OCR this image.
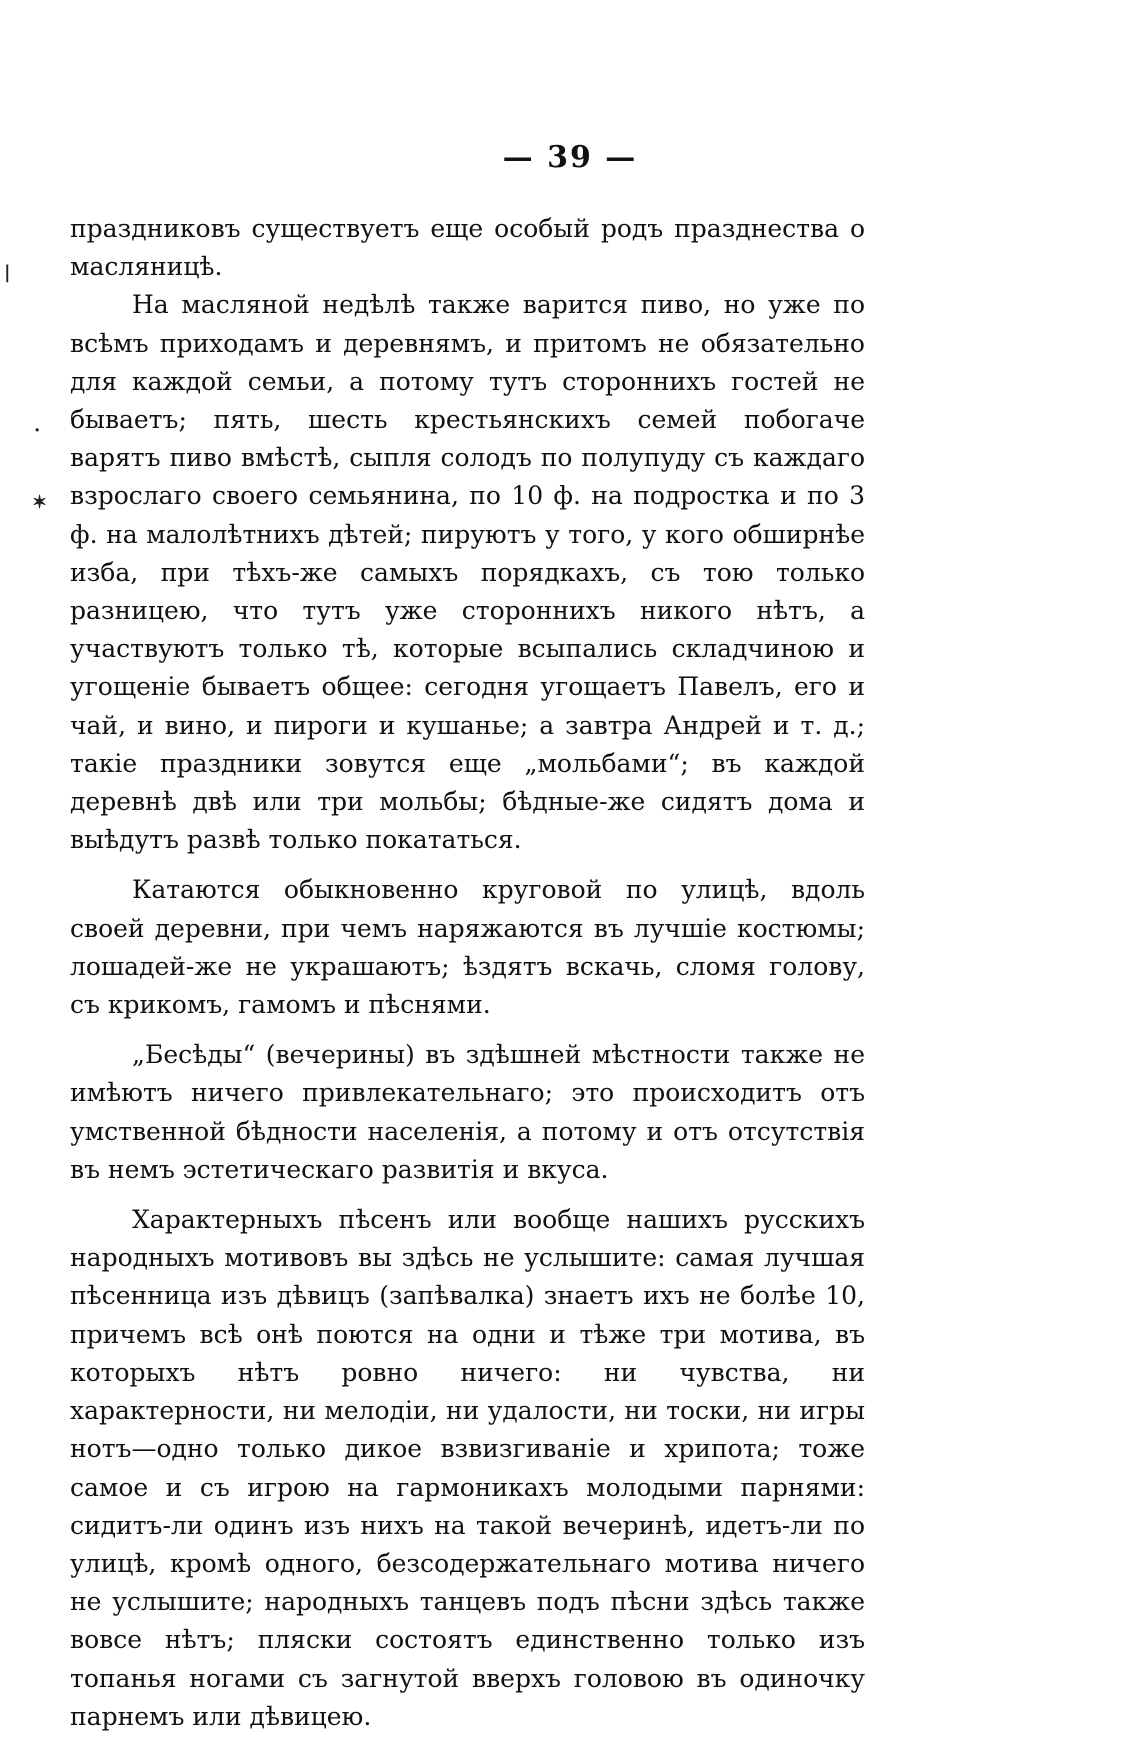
— 39 —
|
·
✶

праздниковъ существуетъ еще особый родъ празднества о масляницѣ.

На масляной недѣлѣ также варится пиво, но уже по всѣмъ приходамъ и деревнямъ, и притомъ не обязательно для каждой семьи, а потому тутъ стороннихъ гостей не бываетъ; пять, шесть крестьянскихъ семей побогаче варятъ пиво вмѣстѣ, сыпля солодъ по полупуду съ каждаго взрослаго своего семьянина, по 10 ф. на подростка и по 3 ф. на малолѣтнихъ дѣтей; пируютъ у того, у кого обширнѣе изба, при тѣхъ-же самыхъ порядкахъ, съ тою только разницею, что тутъ уже стороннихъ никого нѣтъ, а участвуютъ только тѣ, которые всыпались складчиною и угощеніе бываетъ общее: сегодня угощаетъ Павелъ, его и чай, и вино, и пироги и кушанье; а завтра Андрей и т. д.; такіе праздники зовутся еще „мольбами“; въ каждой деревнѣ двѣ или три мольбы; бѣдные-же сидятъ дома и выѣдутъ развѣ только покататься.

Катаются обыкновенно круговой по улицѣ, вдоль своей деревни, при чемъ наряжаются въ лучшіе костюмы; лошадей-же не украшаютъ; ѣздятъ вскачь, сломя голову, съ крикомъ, гамомъ и пѣснями.

„Бесѣды“ (вечерины) въ здѣшней мѣстности также не имѣютъ ничего привлекательнаго; это происходитъ отъ умственной бѣдности населенія, а потому и отъ отсутствія въ немъ эстетическаго развитія и вкуса.

Характерныхъ пѣсенъ или вообще нашихъ русскихъ народныхъ мотивовъ вы здѣсь не услышите: самая лучшая пѣсенница изъ дѣвицъ (запѣвалка) знаетъ ихъ не болѣе 10, причемъ всѣ онѣ поются на одни и тѣже три мотива, въ которыхъ нѣтъ ровно ничего: ни чувства, ни характерности, ни мелодіи, ни удалости, ни тоски, ни игры нотъ—одно только дикое взвизгиваніе и хрипота; тоже самое и съ игрою на гармоникахъ молодыми парнями: сидитъ-ли одинъ изъ нихъ на такой вечеринѣ, идетъ-ли по улицѣ, кромѣ одного, безсодержательнаго мотива ничего не услышите; народныхъ танцевъ подъ пѣсни здѣсь также вовсе нѣтъ; пляски состоятъ единственно только изъ топанья ногами съ загнутой вверхъ головою въ одиночку парнемъ или дѣвицею.
